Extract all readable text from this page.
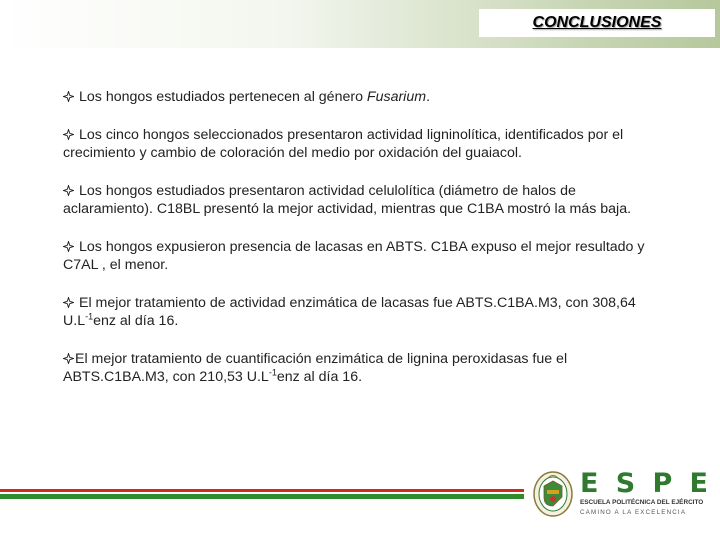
CONCLUSIONES

Los hongos estudiados pertenecen al género Fusarium.

Los cinco hongos seleccionados presentaron actividad ligninolítica, identificados por el crecimiento y cambio de coloración del medio por oxidación del guaiacol.

Los hongos estudiados presentaron actividad celulolítica (diámetro de halos de aclaramiento). C18BL presentó la mejor actividad, mientras que C1BA mostró la más baja.

Los hongos expusieron presencia de lacasas en ABTS. C1BA expuso el mejor resultado y C7AL , el menor.

El mejor tratamiento de actividad enzimática de lacasas fue ABTS.C1BA.M3, con 308,64 $U.L^{-1}enz$ al día 16.

El mejor tratamiento de cuantificación enzimática de lignina peroxidasas fue el ABTS.C1BA.M3, con 210,53 $U.L^{-1}enz$ al día 16.

E S P E
ESCUELA POLITÉCNICA DEL EJÉRCITO
CAMINO A LA EXCELENCIA
